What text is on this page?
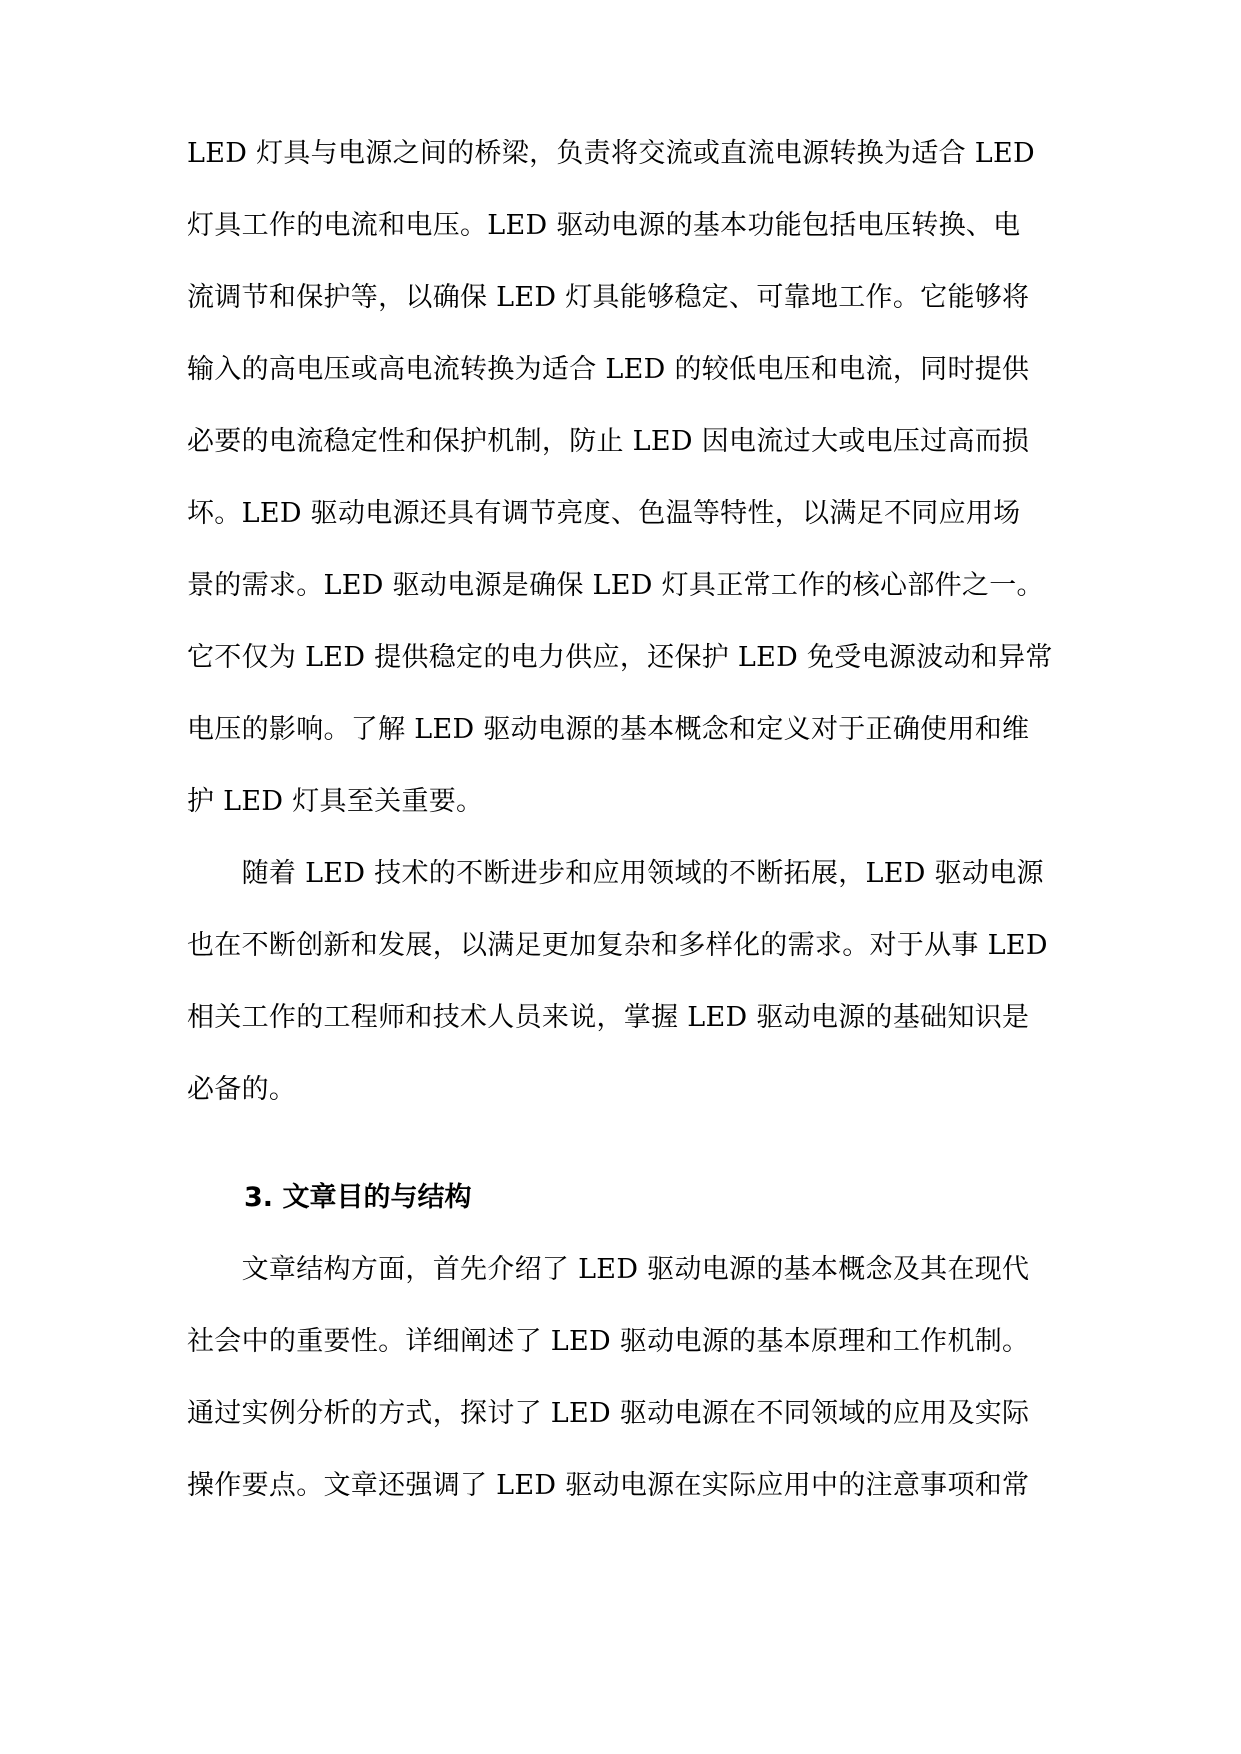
LED 灯具与电源之间的桥梁，负责将交流或直流电源转换为适合 LED
灯具工作的电流和电压。LED 驱动电源的基本功能包括电压转换、电
流调节和保护等，以确保 LED 灯具能够稳定、可靠地工作。它能够将
输入的高电压或高电流转换为适合 LED 的较低电压和电流，同时提供
必要的电流稳定性和保护机制，防止 LED 因电流过大或电压过高而损
坏。LED 驱动电源还具有调节亮度、色温等特性，以满足不同应用场
景的需求。LED 驱动电源是确保 LED 灯具正常工作的核心部件之一。
它不仅为 LED 提供稳定的电力供应，还保护 LED 免受电源波动和异常
电压的影响。了解 LED 驱动电源的基本概念和定义对于正确使用和维
护 LED 灯具至关重要。
　　随着 LED 技术的不断进步和应用领域的不断拓展，LED 驱动电源
也在不断创新和发展，以满足更加复杂和多样化的需求。对于从事 LED
相关工作的工程师和技术人员来说，掌握 LED 驱动电源的基础知识是
必备的。
3. 文章目的与结构
　　文章结构方面，首先介绍了 LED 驱动电源的基本概念及其在现代
社会中的重要性。详细阐述了 LED 驱动电源的基本原理和工作机制。
通过实例分析的方式，探讨了 LED 驱动电源在不同领域的应用及实际
操作要点。文章还强调了 LED 驱动电源在实际应用中的注意事项和常
